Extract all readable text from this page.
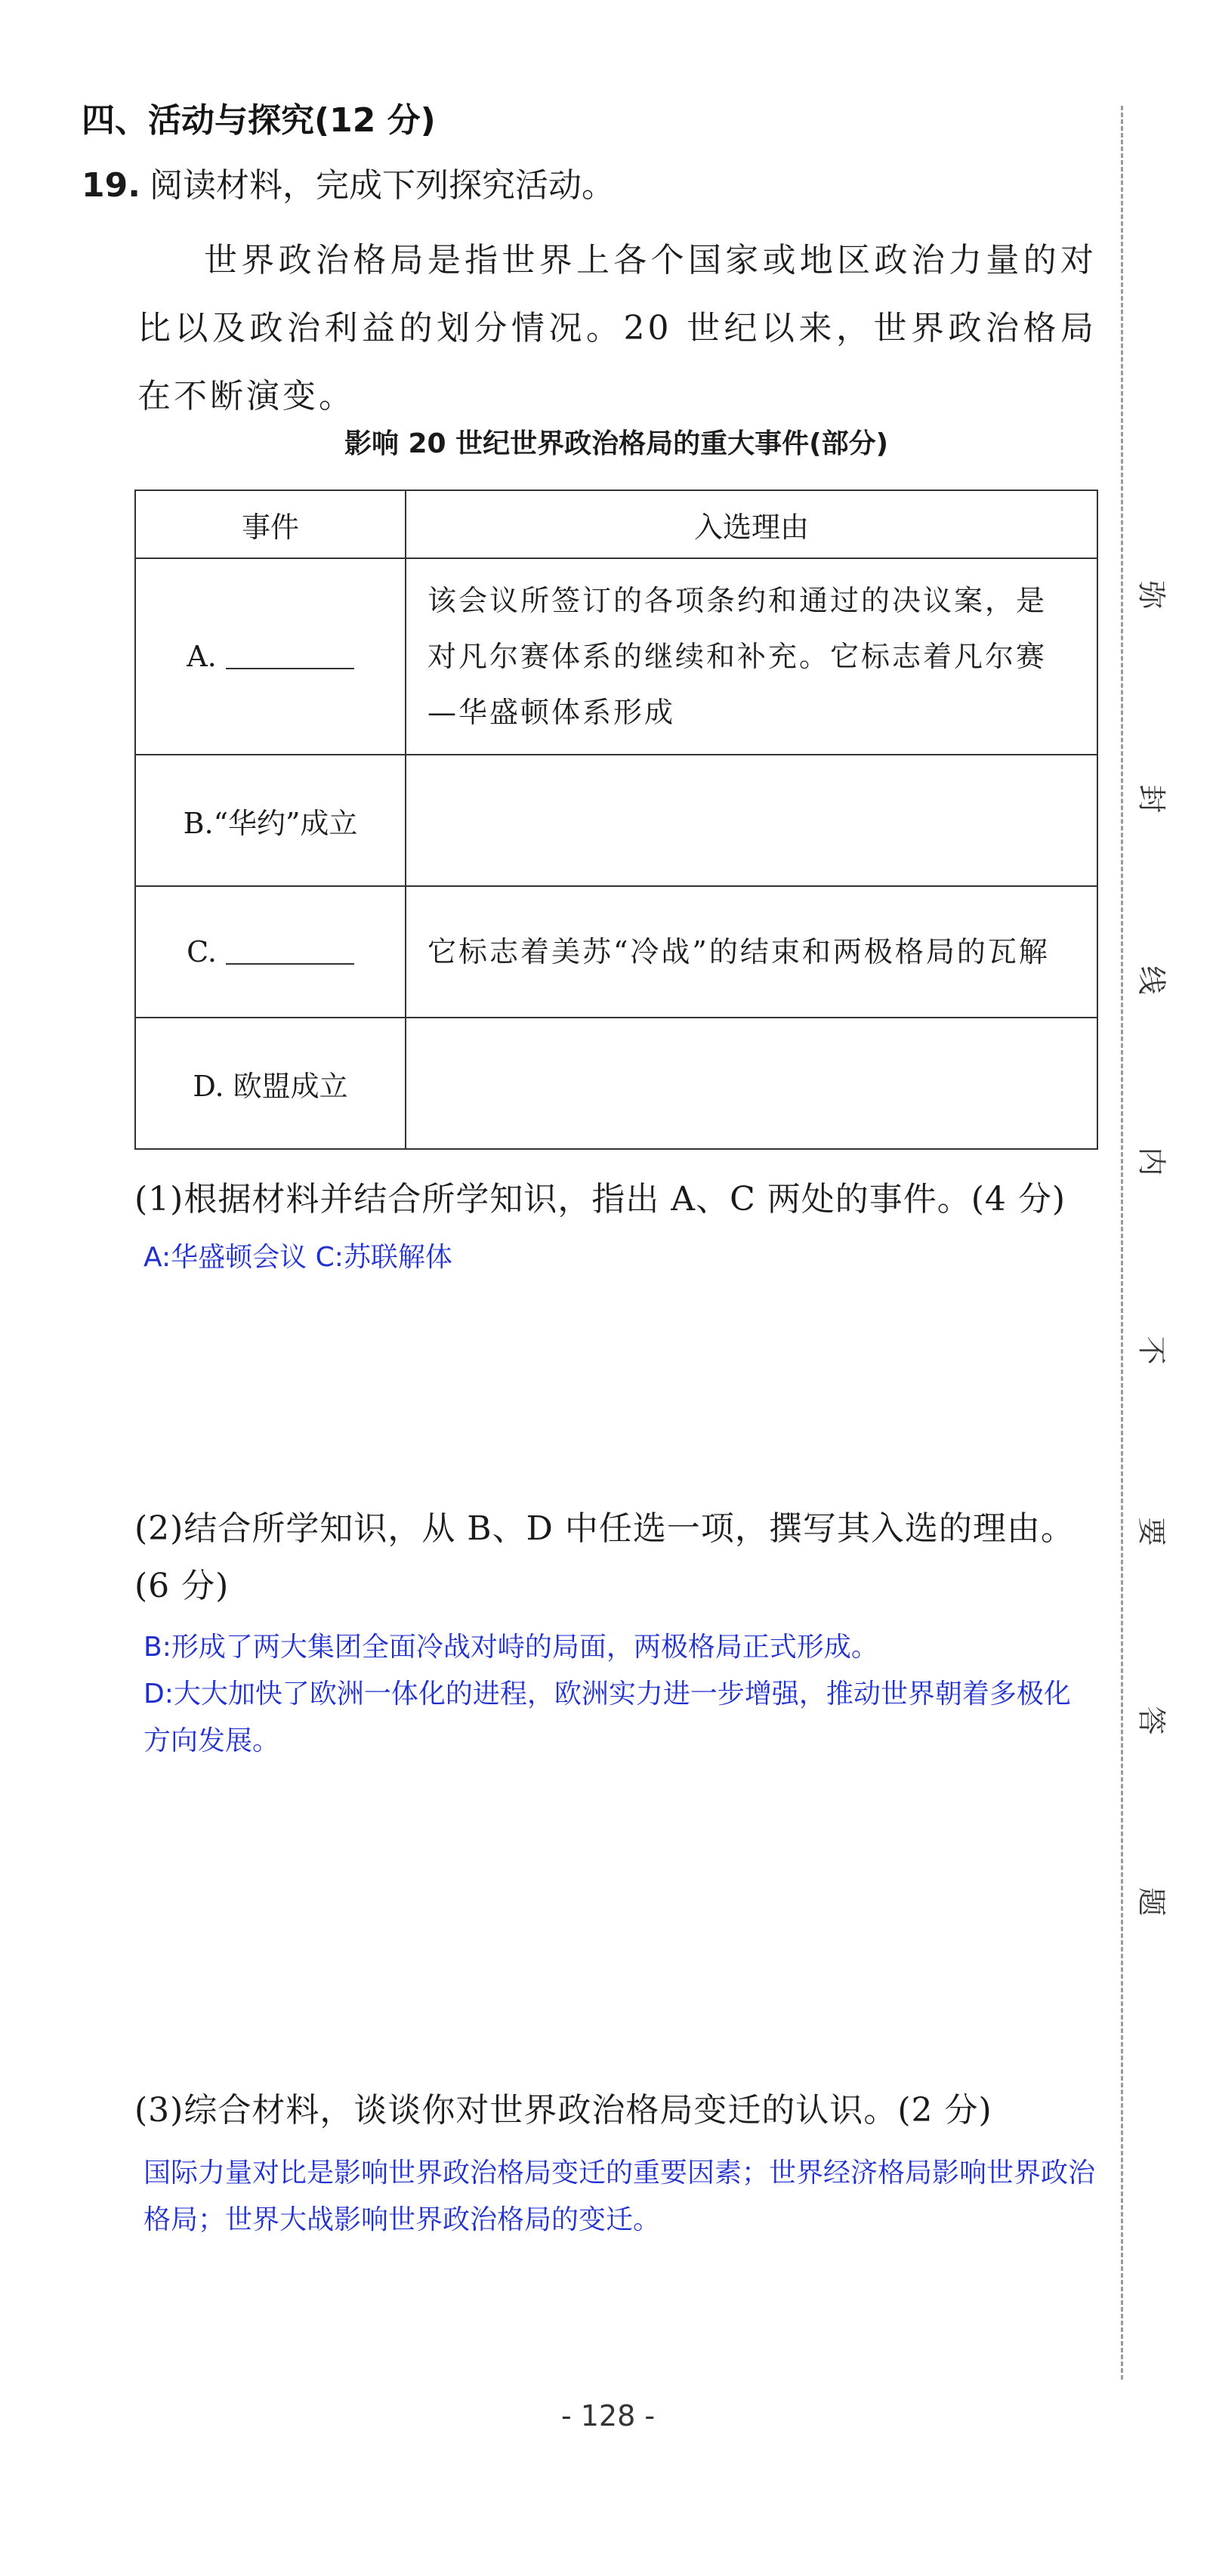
四、活动与探究(12 分)
19. 阅读材料，完成下列探究活动。
世界政治格局是指世界上各个国家或地区政治力量的对比以及政治利益的划分情况。20 世纪以来，世界政治格局在不断演变。
影响 20 世纪世界政治格局的重大事件(部分)
事件	入选理由
A.	该会议所签订的各项条约和通过的决议案，是对凡尔赛体系的继续和补充。它标志着凡尔赛—华盛顿体系形成
B.“华约”成立	
C.	它标志着美苏“冷战”的结束和两极格局的瓦解
D. 欧盟成立	
(1)根据材料并结合所学知识，指出 A、C 两处的事件。(4 分)
A:华盛顿会议 C:苏联解体
(2)结合所学知识，从 B、D 中任选一项，撰写其入选的理由。(6 分)
B:形成了两大集团全面冷战对峙的局面，两极格局正式形成。
D:大大加快了欧洲一体化的进程，欧洲实力进一步增强，推动世界朝着多极化方向发展。
(3)综合材料，谈谈你对世界政治格局变迁的认识。(2 分)
国际力量对比是影响世界政治格局变迁的重要因素；世界经济格局影响世界政治格局；世界大战影响世界政治格局的变迁。
弥
封
线
内
不
要
答
题
- 128 -
